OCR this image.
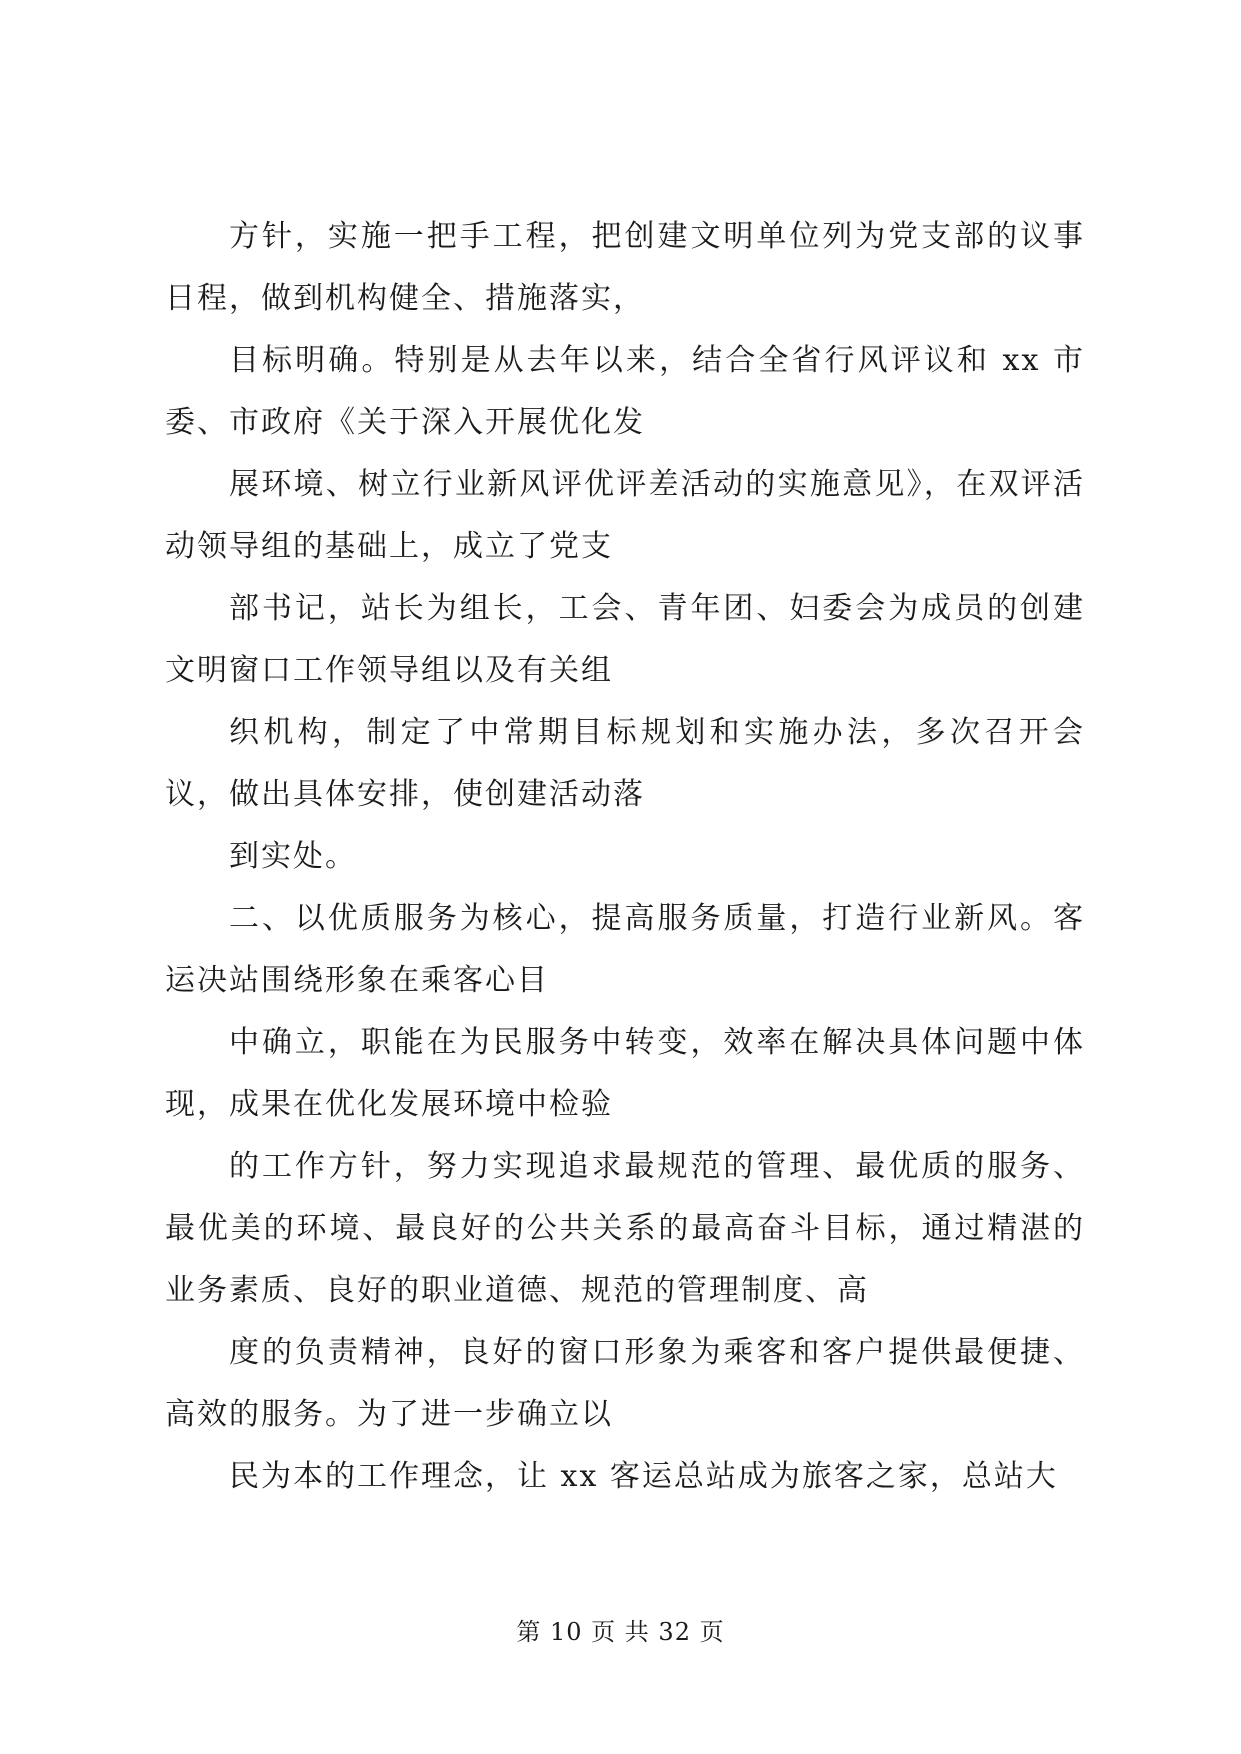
方针，实施一把手工程，把创建文明单位列为党支部的议事日程，做到机构健全、措施落实，

目标明确。特别是从去年以来，结合全省行风评议和 xx 市委、市政府《关于深入开展优化发

展环境、树立行业新风评优评差活动的实施意见》，在双评活动领导组的基础上，成立了党支

部书记，站长为组长，工会、青年团、妇委会为成员的创建文明窗口工作领导组以及有关组

织机构，制定了中常期目标规划和实施办法，多次召开会议，做出具体安排，使创建活动落

到实处。

二、以优质服务为核心，提高服务质量，打造行业新风。客运决站围绕形象在乘客心目

中确立，职能在为民服务中转变，效率在解决具体问题中体现，成果在优化发展环境中检验

的工作方针，努力实现追求最规范的管理、最优质的服务、最优美的环境、最良好的公共关系的最高奋斗目标，通过精湛的业务素质、良好的职业道德、规范的管理制度、高

度的负责精神，良好的窗口形象为乘客和客户提供最便捷、高效的服务。为了进一步确立以

民为本的工作理念，让 xx 客运总站成为旅客之家，总站大

第 10 页 共 32 页
